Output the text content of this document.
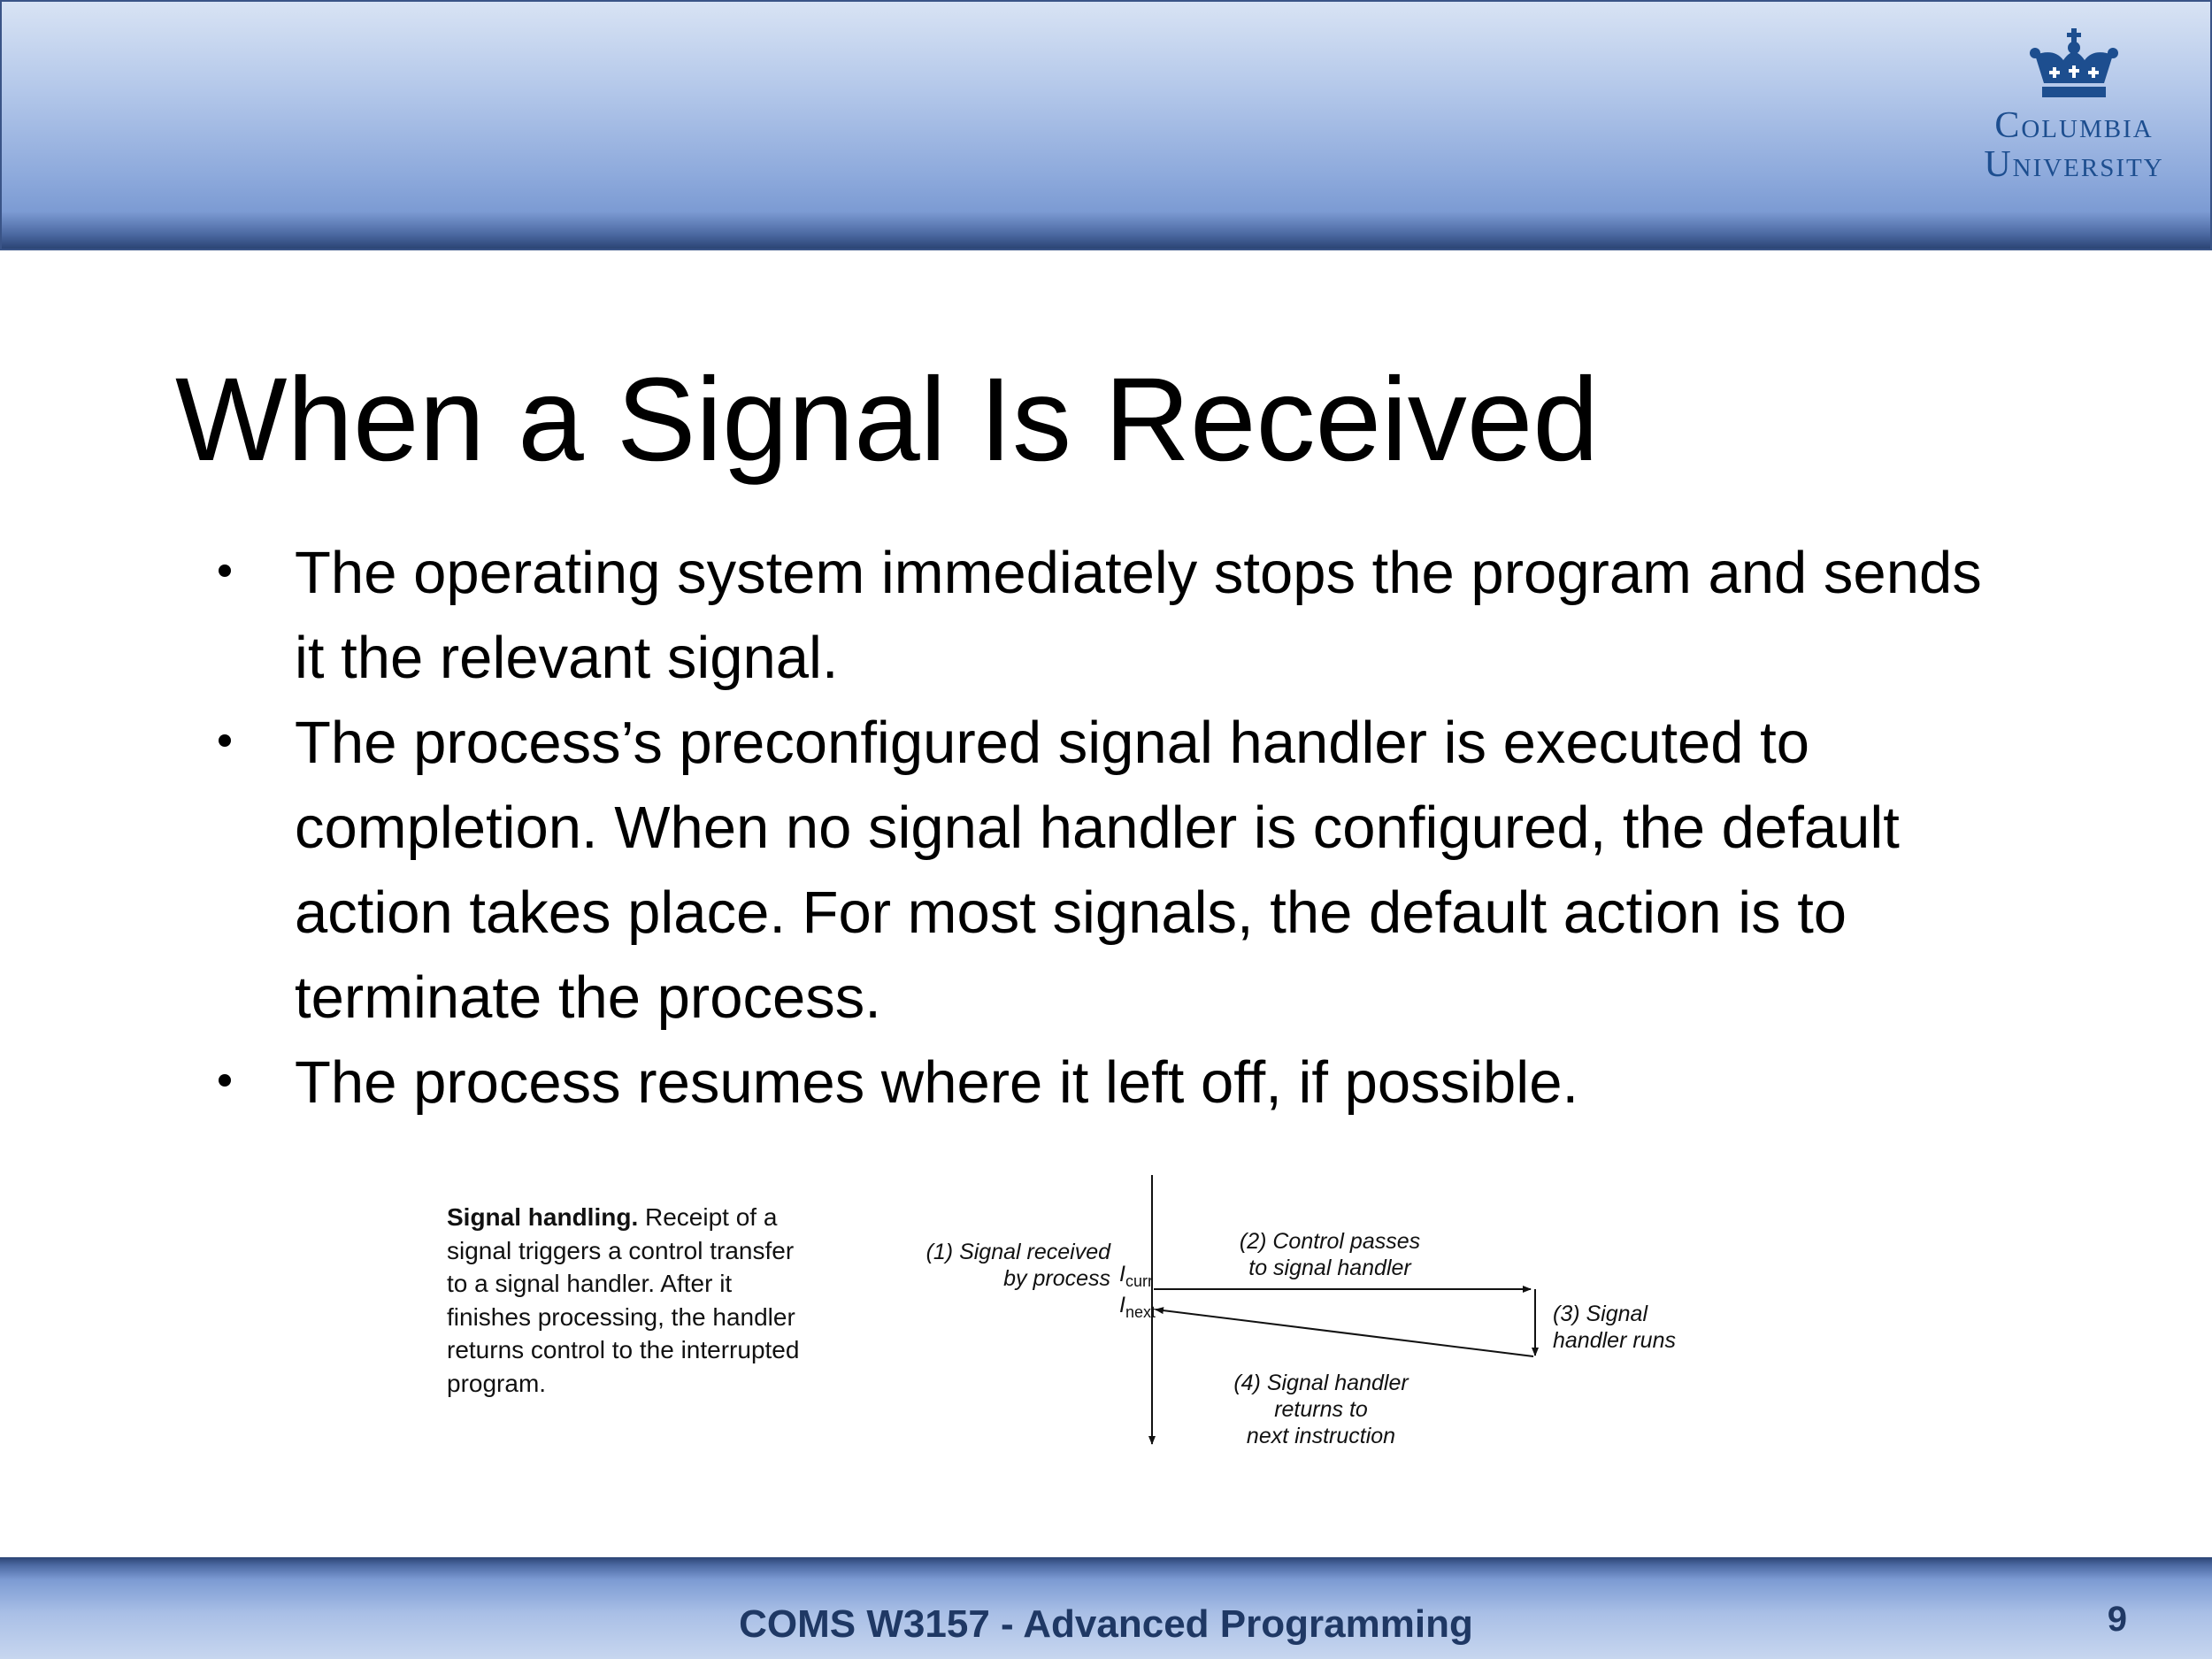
Columbia
University
When a Signal Is Received
The operating system immediately stops the program and sends it the relevant signal.
The process’s preconfigured signal handler is executed to completion. When no signal handler is configured, the default action takes place. For most signals, the default action is to terminate the process.
The process resumes where it left off, if possible.
Signal handling. Receipt of a signal triggers a control transfer to a signal handler. After it finishes processing, the handler returns control to the interrupted program.
(1) Signal received
by process $I_{curr}$
$I_{next}$
(2) Control passes
to signal handler
(3) Signal
handler runs
(4) Signal handler
returns to
next instruction
COMS W3157 - Advanced Programming	9
